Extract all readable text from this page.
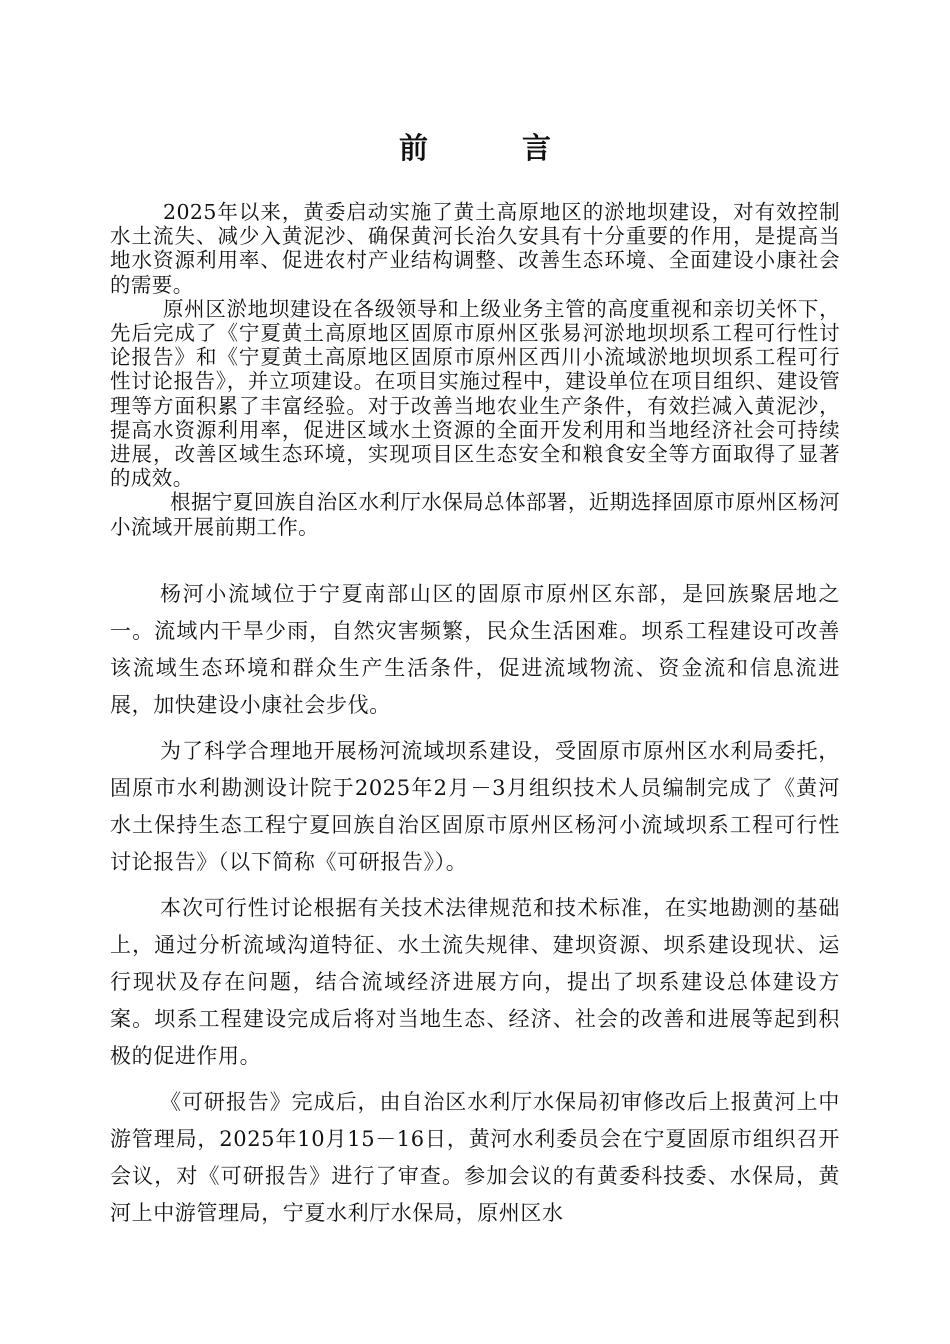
前 言

2025年以来，黄委启动实施了黄土高原地区的淤地坝建设，对有效控制水土流失、减少入黄泥沙、确保黄河长治久安具有十分重要的作用，是提高当地水资源利用率、促进农村产业结构调整、改善生态环境、全面建设小康社会的需要。

原州区淤地坝建设在各级领导和上级业务主管的高度重视和亲切关怀下，先后完成了《宁夏黄土高原地区固原市原州区张易河淤地坝坝系工程可行性讨论报告》和《宁夏黄土高原地区固原市原州区西川小流域淤地坝坝系工程可行性讨论报告》，并立项建设。在项目实施过程中，建设单位在项目组织、建设管理等方面积累了丰富经验。对于改善当地农业生产条件，有效拦减入黄泥沙，提高水资源利用率，促进区域水土资源的全面开发利用和当地经济社会可持续进展，改善区域生态环境，实现项目区生态安全和粮食安全等方面取得了显著的成效。

根据宁夏回族自治区水利厅水保局总体部署，近期选择固原市原州区杨河小流域开展前期工作。

杨河小流域位于宁夏南部山区的固原市原州区东部，是回族聚居地之一。流域内干旱少雨，自然灾害频繁，民众生活困难。坝系工程建设可改善该流域生态环境和群众生产生活条件，促进流域物流、资金流和信息流进展，加快建设小康社会步伐。

为了科学合理地开展杨河流域坝系建设，受固原市原州区水利局委托，固原市水利勘测设计院于2025年2月－3月组织技术人员编制完成了《黄河水土保持生态工程宁夏回族自治区固原市原州区杨河小流域坝系工程可行性讨论报告》（以下简称《可研报告》）。

本次可行性讨论根据有关技术法律规范和技术标准，在实地勘测的基础上，通过分析流域沟道特征、水土流失规律、建坝资源、坝系建设现状、运行现状及存在问题，结合流域经济进展方向，提出了坝系建设总体建设方案。坝系工程建设完成后将对当地生态、经济、社会的改善和进展等起到积极的促进作用。

《可研报告》完成后，由自治区水利厅水保局初审修改后上报黄河上中游管理局，2025年10月15－16日，黄河水利委员会在宁夏固原市组织召开会议，对《可研报告》进行了审查。参加会议的有黄委科技委、水保局，黄河上中游管理局，宁夏水利厅水保局，原州区水
